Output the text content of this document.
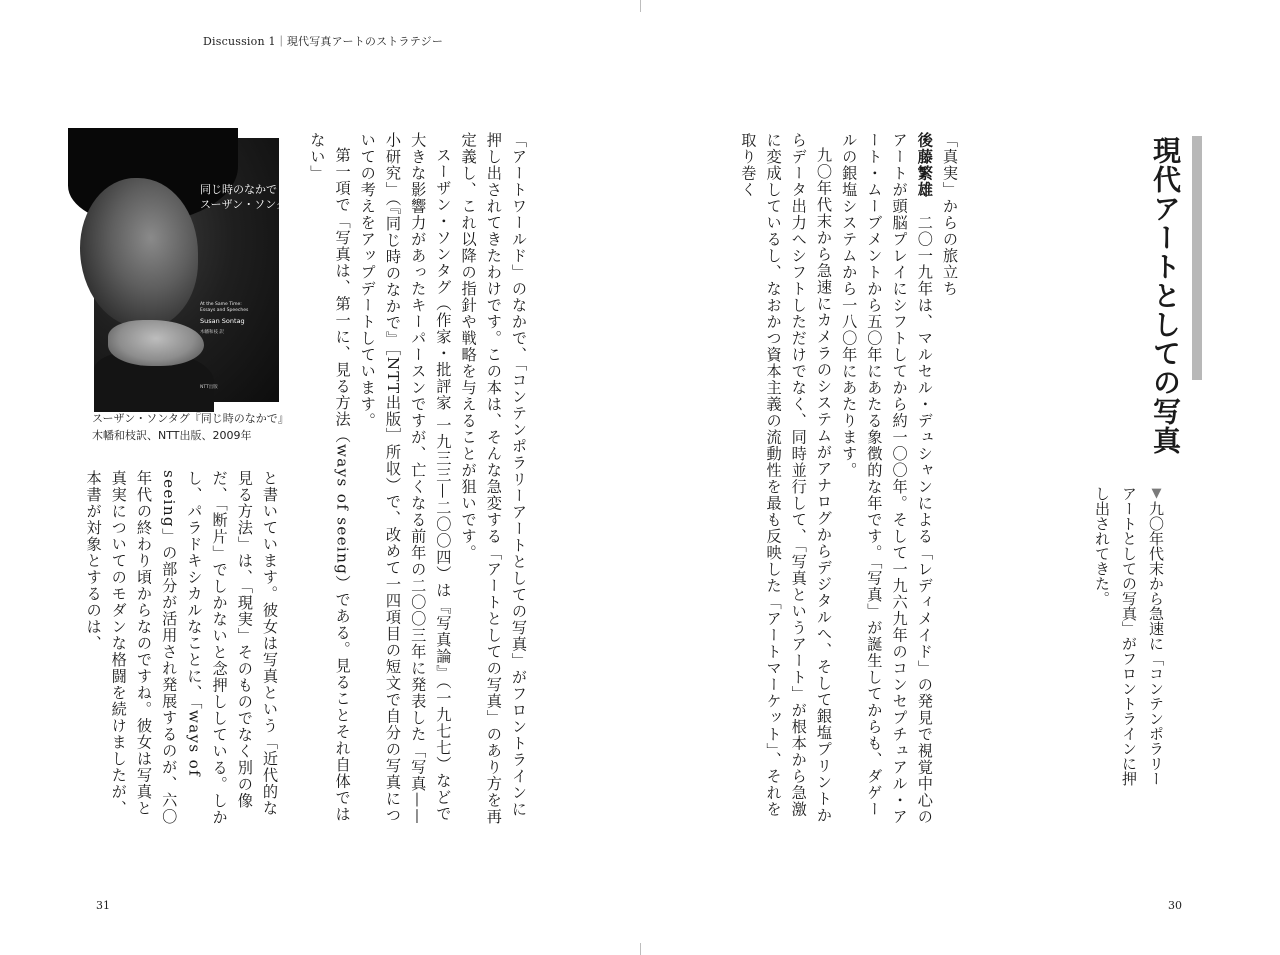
Discussion 1｜現代写真アートのストラテジー
現代アートとしての写真
▼九〇年代末から急速に「コンテンポラリーアートとしての写真」がフロントラインに押し出されてきた。
「真実」からの旅立ち
後藤繁雄　二〇一九年は、マルセル・デュシャンによる「レディメイド」の発見で視覚中心のアートが頭脳プレイにシフトしてから約一〇〇年。そして一九六九年のコンセプチュアル・アート・ムーブメントから五〇年にあたる象徴的な年です。「写真」が誕生してからも、ダゲールの銀塩システムから一八〇年にあたります。
九〇年代末から急速にカメラのシステムがアナログからデジタルへ、そして銀塩プリントからデータ出力へシフトしただけでなく、同時並行して、「写真というアート」が根本から急激に変成しているし、なおかつ資本主義の流動性を最も反映した「アートマーケット」、それを取り巻く
30
「アートワールド」のなかで、「コンテンポラリーアートとしての写真」がフロントラインに押し出されてきたわけです。この本は、そんな急変する「アートとしての写真」のあり方を再定義し、これ以降の指針や戦略を与えることが狙いです。
スーザン・ソンタグ（作家・批評家 一九三三—二〇〇四）は『写真論』（一九七七）などで大きな影響力があったキーパースンですが、亡くなる前年の二〇〇三年に発表した「写真——小研究」（『同じ時のなかで』［NTT出版］所収）で、改めて一四項目の短文で自分の写真についての考えをアップデートしています。
第一項で「写真は、第一に、見る方法（ways of seeing）である。見ることそれ自体ではない」
同じ時のなかで
スーザン・ソンタグ
At the Same Time:
Essays and Speeches
Susan Sontag
木幡和枝 訳
NTT出版
スーザン・ソンタグ『同じ時のなかで』木幡和枝訳、NTT出版、2009年
と書いています。彼女は写真という「近代的な見る方法」は、「現実」そのものでなく別の像だ、「断片」でしかないと念押ししている。しかし、パラドキシカルなことに、「ways of seeing」の部分が活用され発展するのが、六〇年代の終わり頃からなのですね。彼女は写真と真実についてのモダンな格闘を続けましたが、本書が対象とするのは、
31
